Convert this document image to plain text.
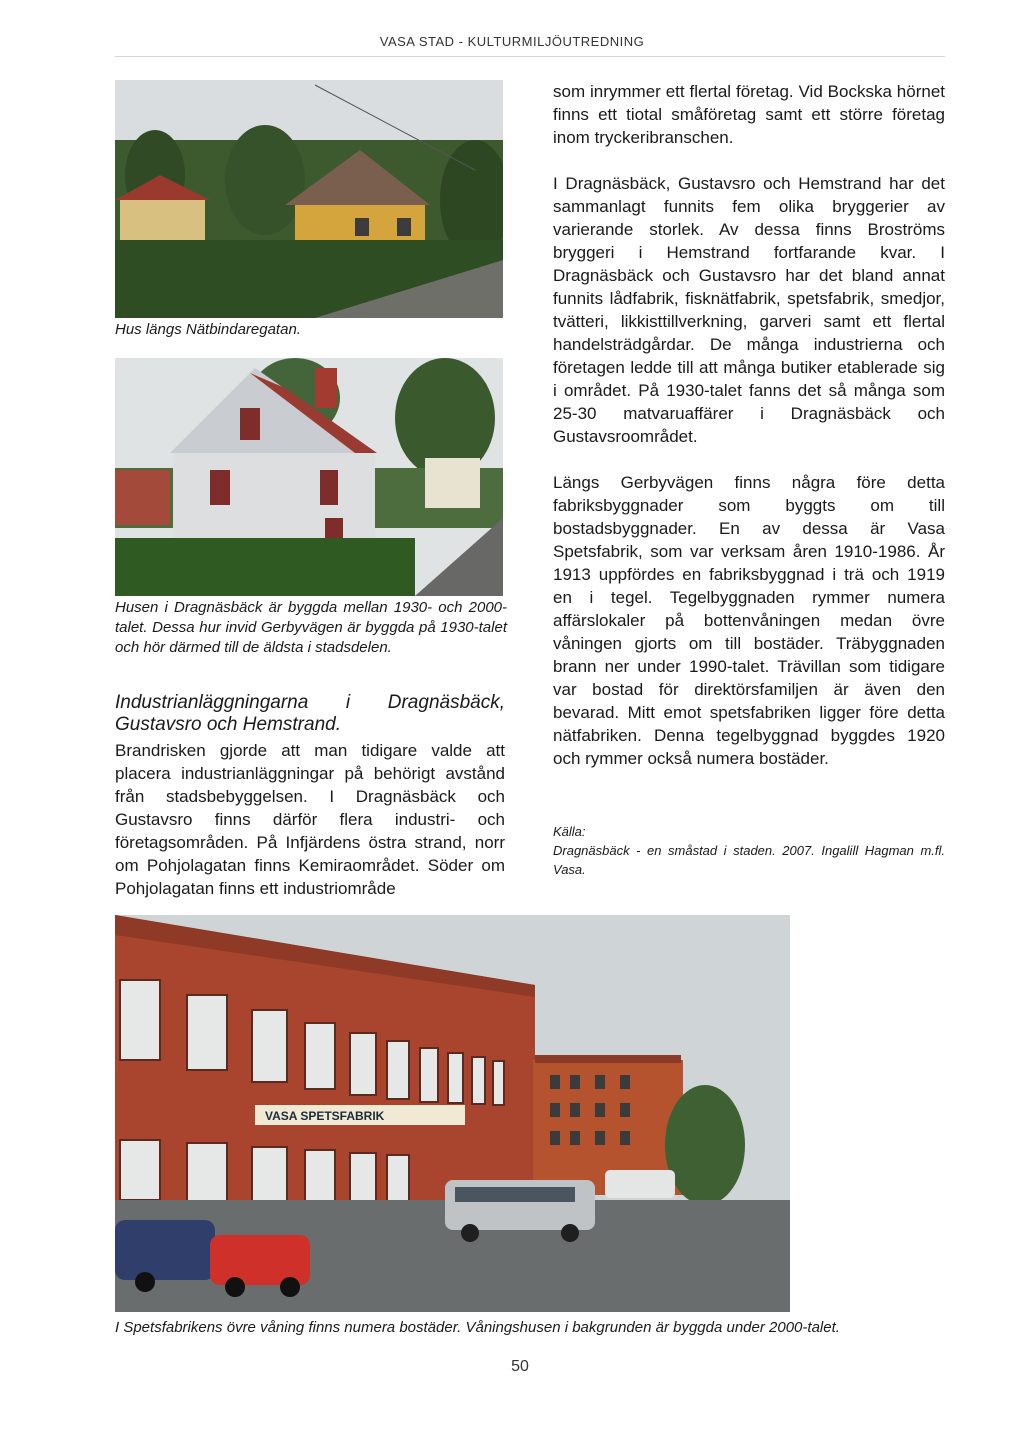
VASA STAD - KULTURMILJÖUTREDNING
Hus längs Nätbindaregatan.
Husen i Dragnäsbäck är byggda mellan 1930- och 2000-talet. Dessa hur invid Gerbyvägen är byggda på 1930-talet och hör därmed till de äldsta i stadsdelen.
Industrianläggningarna i Dragnäsbäck, Gustavsro och Hemstrand.
Brandrisken gjorde att man tidigare valde att placera industrianläggningar på behörigt avstånd från stadsbebyggelsen. I Dragnäsbäck och Gustavsro finns därför flera industri- och företagsområden. På Infjärdens östra strand, norr om Pohjolagatan finns Kemiraområdet. Söder om Pohjolagatan finns ett industriområde

som inrymmer ett flertal företag. Vid Bockska hörnet finns ett tiotal småföretag samt ett större företag inom tryckeribranschen.

I Dragnäsbäck, Gustavsro och Hemstrand har det sammanlagt funnits fem olika bryggerier av varierande storlek. Av dessa finns Broströms bryggeri i Hemstrand fortfarande kvar. I Dragnäsbäck och Gustavsro har det bland annat funnits lådfabrik, fisknätfabrik, spetsfabrik, smedjor, tvätteri, likkisttillverkning, garveri samt ett flertal handelsträdgårdar. De många industrierna och företagen ledde till att många butiker etablerade sig i området. På 1930-talet fanns det så många som 25-30 matvaruaffärer i Dragnäsbäck och Gustavsroområdet.

Längs Gerbyvägen finns några före detta fabriksbyggnader som byggts om till bostadsbyggnader. En av dessa är Vasa Spetsfabrik, som var verksam åren 1910-1986. År 1913 uppfördes en fabriksbyggnad i trä och 1919 en i tegel. Tegelbyggnaden rymmer numera affärslokaler på bottenvåningen medan övre våningen gjorts om till bostäder. Träbyggnaden brann ner under 1990-talet. Trävillan som tidigare var bostad för direktörsfamiljen är även den bevarad. Mitt emot spetsfabriken ligger före detta nätfabriken. Denna tegelbyggnad byggdes 1920 och rymmer också numera bostäder.

Källa:
Dragnäsbäck - en småstad i staden. 2007. Ingalill Hagman m.fl. Vasa.
VASA SPETSFABRIK
I Spetsfabrikens övre våning finns numera bostäder. Våningshusen i bakgrunden är byggda under 2000-talet.
50
